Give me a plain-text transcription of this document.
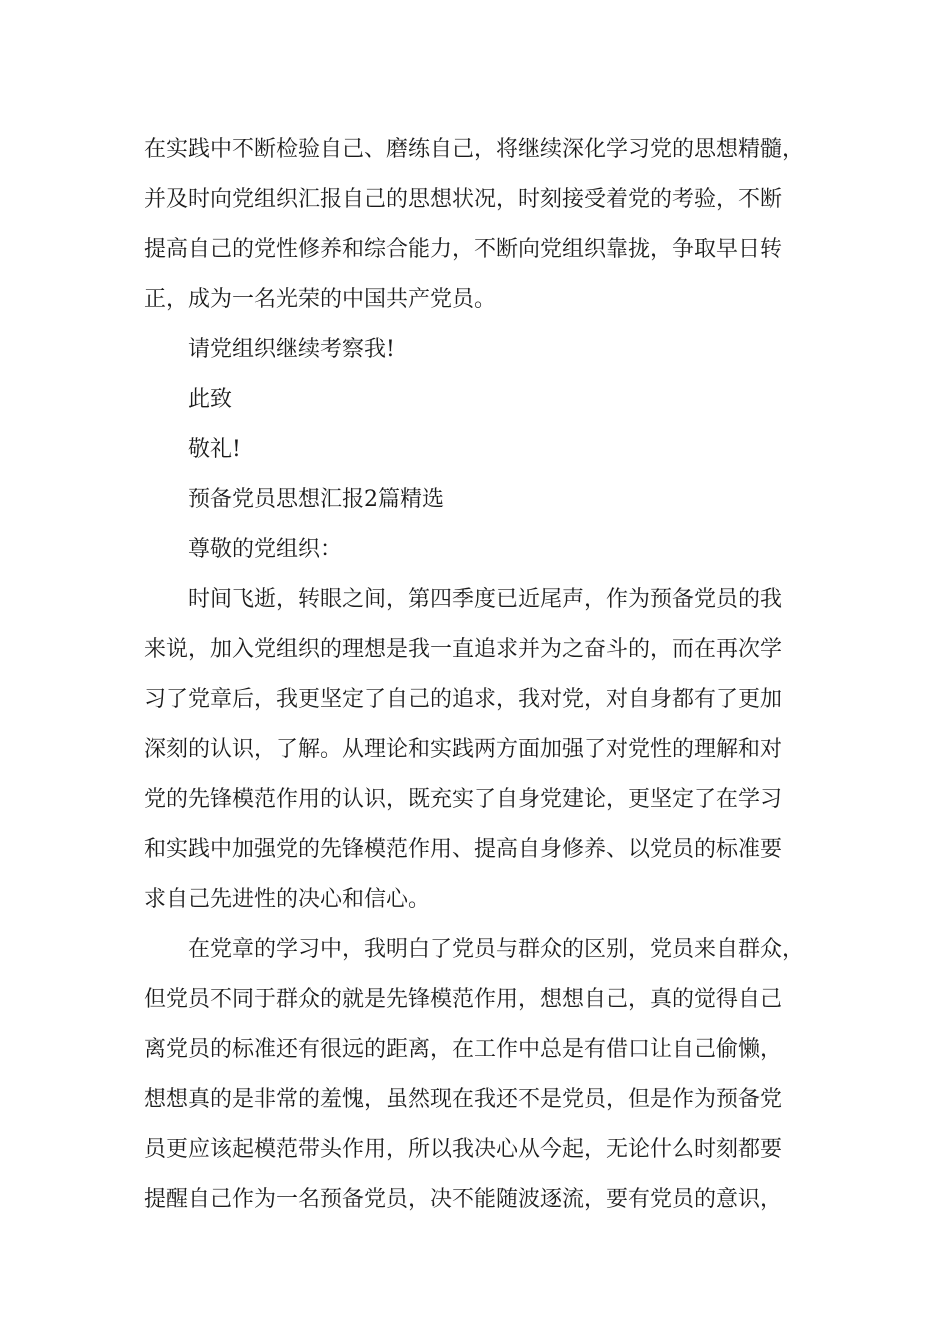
在实践中不断检验自己、磨练自己，将继续深化学习党的思想精髓，
并及时向党组织汇报自己的思想状况，时刻接受着党的考验，不断
提高自己的党性修养和综合能力，不断向党组织靠拢，争取早日转
正，成为一名光荣的中国共产党员。
请党组织继续考察我!
此致
敬礼!
预备党员思想汇报2篇精选
尊敬的党组织：
时间飞逝，转眼之间，第四季度已近尾声，作为预备党员的我
来说，加入党组织的理想是我一直追求并为之奋斗的，而在再次学
习了党章后，我更坚定了自己的追求，我对党，对自身都有了更加
深刻的认识，了解。从理论和实践两方面加强了对党性的理解和对
党的先锋模范作用的认识，既充实了自身党建论，更坚定了在学习
和实践中加强党的先锋模范作用、提高自身修养、以党员的标准要
求自己先进性的决心和信心。
在党章的学习中，我明白了党员与群众的区别，党员来自群众，
但党员不同于群众的就是先锋模范作用，想想自己，真的觉得自己
离党员的标准还有很远的距离，在工作中总是有借口让自己偷懒，
想想真的是非常的羞愧，虽然现在我还不是党员，但是作为预备党
员更应该起模范带头作用，所以我决心从今起，无论什么时刻都要
提醒自己作为一名预备党员，决不能随波逐流，要有党员的意识，
